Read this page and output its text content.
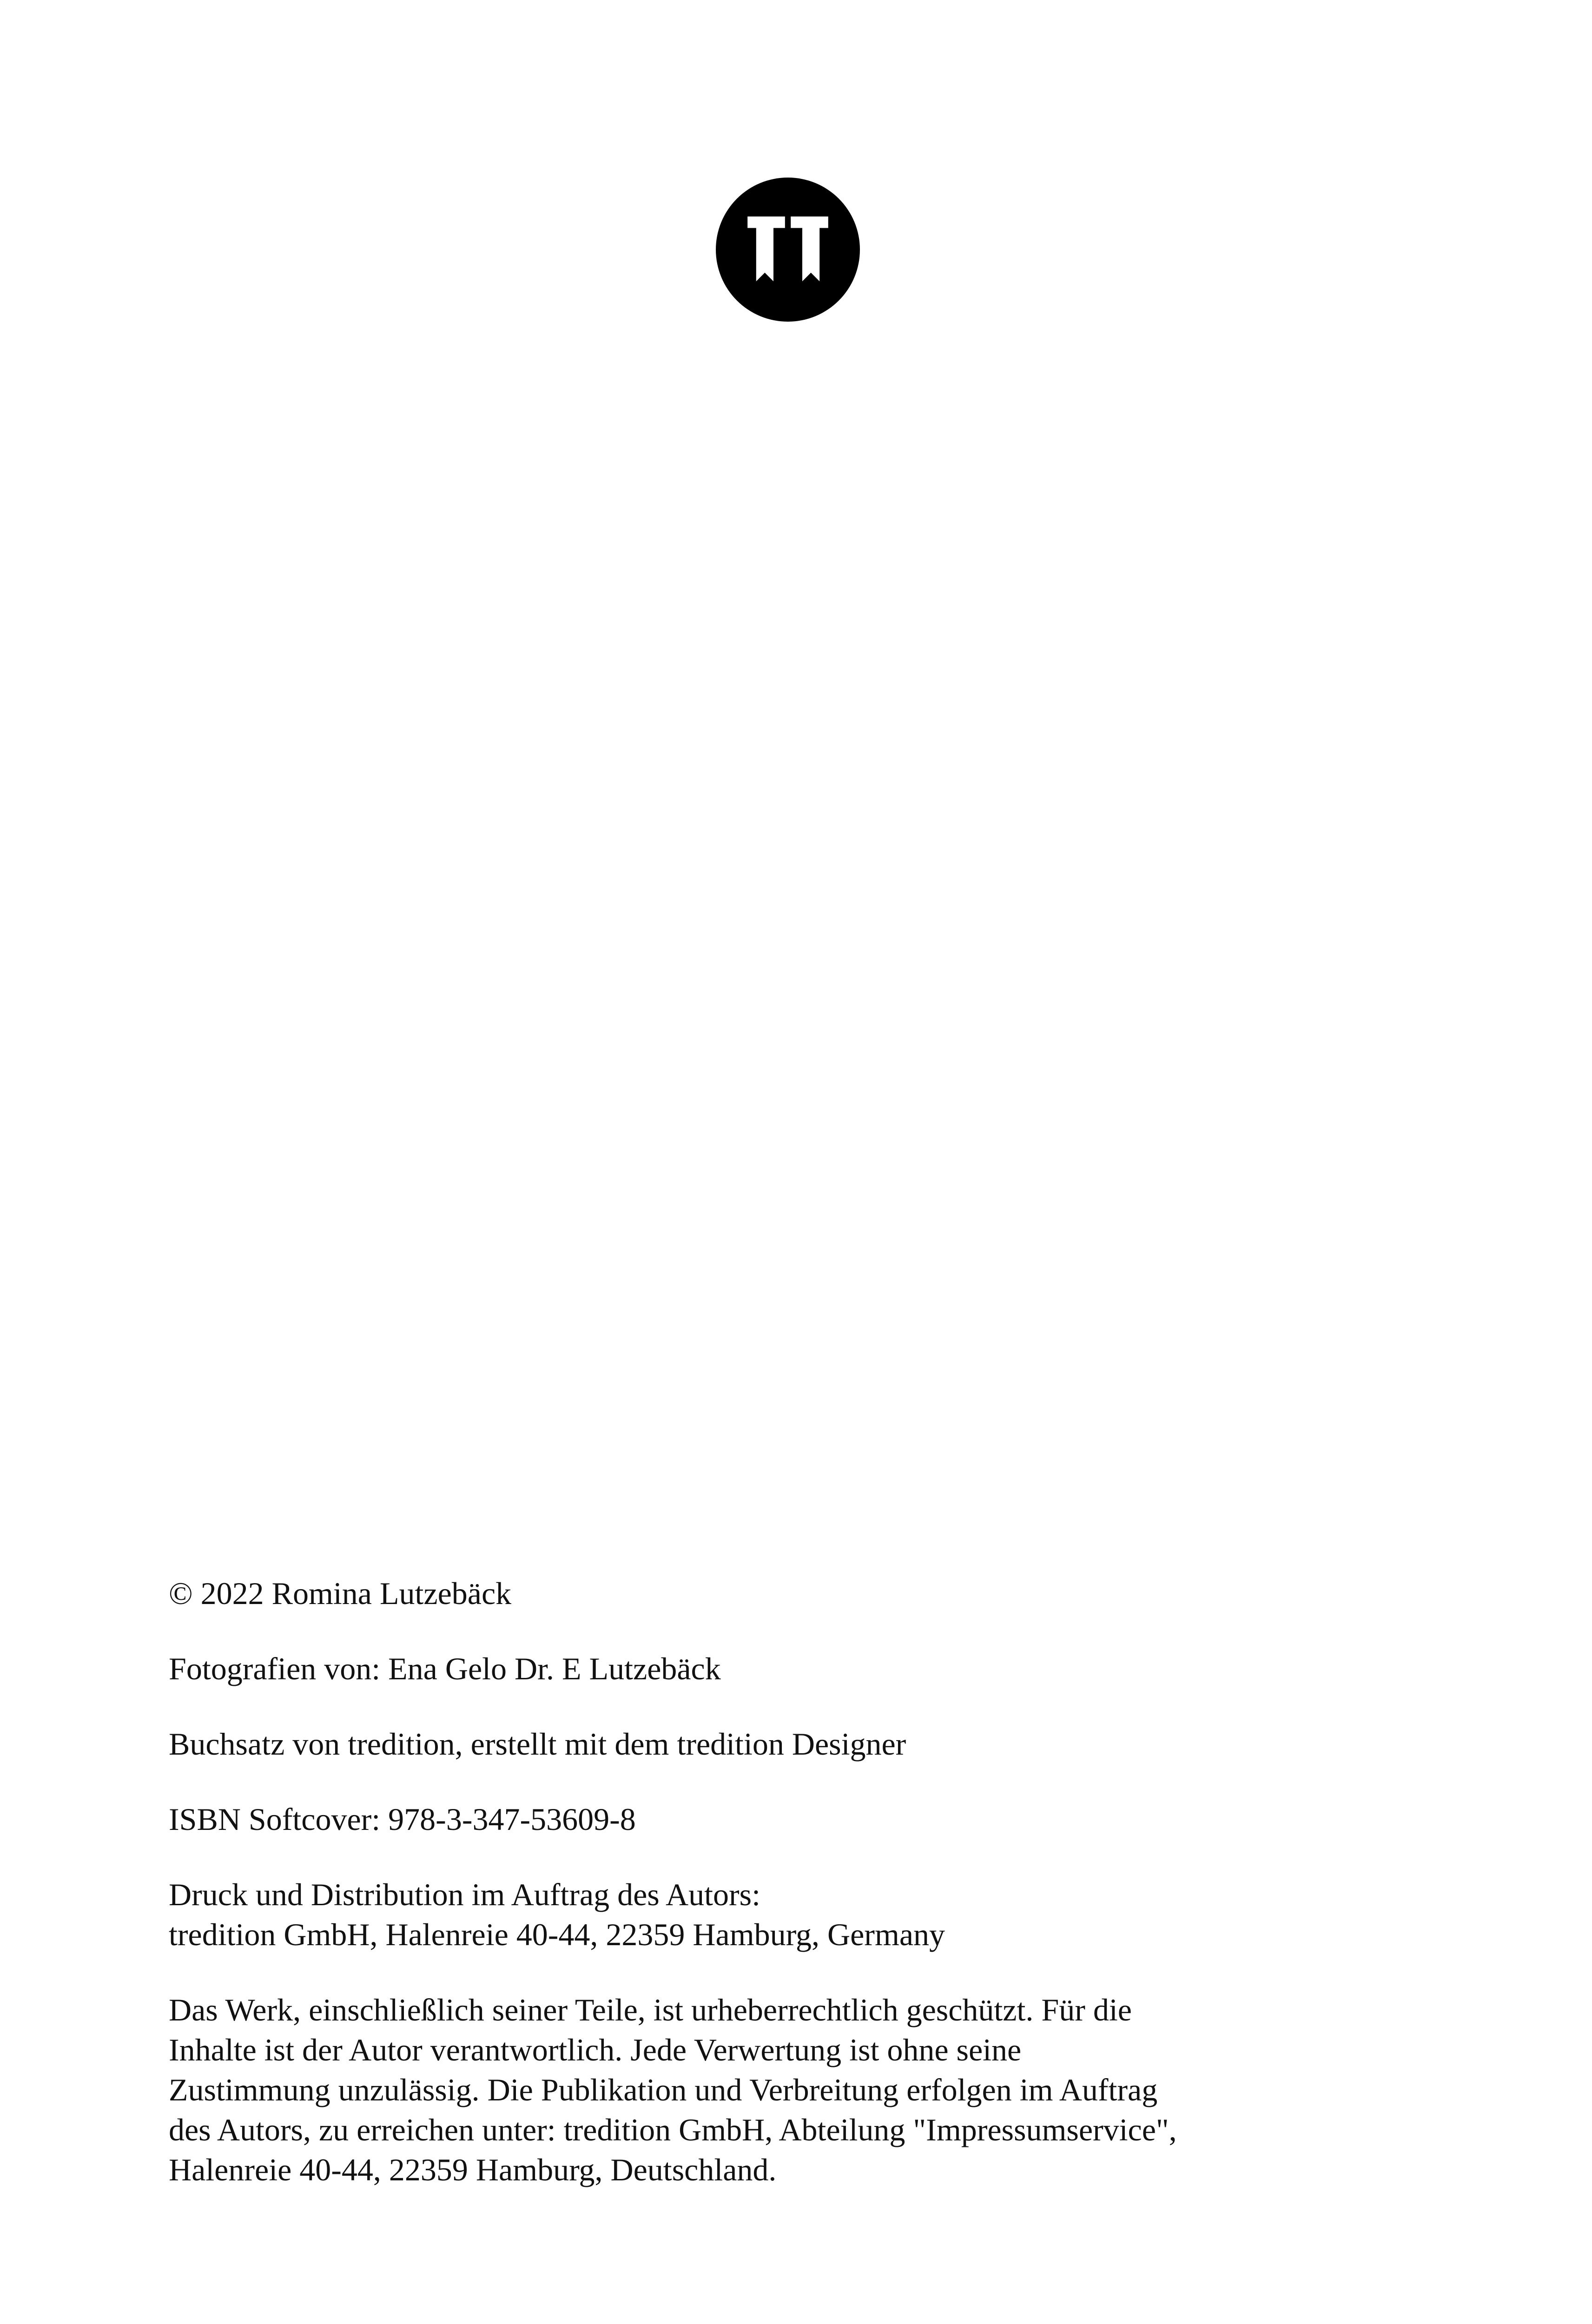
© 2022 Romina Lutzebäck

Fotografien von: Ena Gelo Dr. E Lutzebäck

Buchsatz von tredition, erstellt mit dem tredition Designer

ISBN Softcover: 978-3-347-53609-8

Druck und Distribution im Auftrag des Autors:
tredition GmbH, Halenreie 40-44, 22359 Hamburg, Germany

Das Werk, einschließlich seiner Teile, ist urheberrechtlich geschützt. Für die
Inhalte ist der Autor verantwortlich. Jede Verwertung ist ohne seine
Zustimmung unzulässig. Die Publikation und Verbreitung erfolgen im Auftrag
des Autors, zu erreichen unter: tredition GmbH, Abteilung "Impressumservice",
Halenreie 40-44, 22359 Hamburg, Deutschland.
